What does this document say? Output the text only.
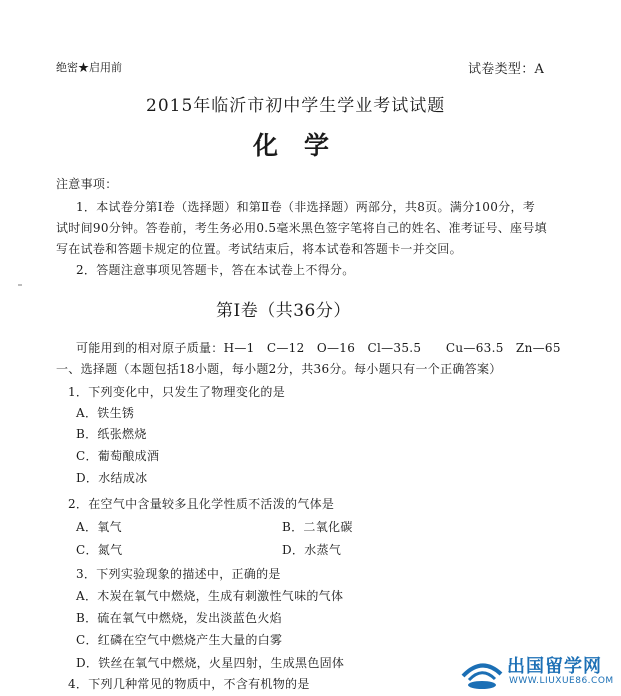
绝密★启用前	试卷类型：A
2015年临沂市初中学生学业考试试题
化学
注意事项：
1．本试卷分第Ⅰ卷（选择题）和第Ⅱ卷（非选择题）两部分，共8页。满分100分，考
试时间90分钟。答卷前，考生务必用0.5毫米黑色签字笔将自己的姓名、准考证号、座号填
写在试卷和答题卡规定的位置。考试结束后，将本试卷和答题卡一并交回。
2．答题注意事项见答题卡，答在本试卷上不得分。
第Ⅰ卷（共36分）
可能用到的相对原子质量：H—1　C—12　O—16　Cl—35.5　　Cu—63.5　Zn—65
一、选择题（本题包括18小题，每小题2分，共36分。每小题只有一个正确答案）
1．下列变化中，只发生了物理变化的是
A．铁生锈
B．纸张燃烧
C．葡萄酿成酒
D．水结成冰
2．在空气中含量较多且化学性质不活泼的气体是
A．氧气	B．二氧化碳
C．氮气	D．水蒸气
3．下列实验现象的描述中，正确的是
A．木炭在氧气中燃烧，生成有刺激性气味的气体
B．硫在氧气中燃烧，发出淡蓝色火焰
C．红磷在空气中燃烧产生大量的白雾
D．铁丝在氧气中燃烧，火星四射，生成黑色固体
4．下列几种常见的物质中，不含有机物的是
出国留学网
WWW.LIUXUE86.COM
